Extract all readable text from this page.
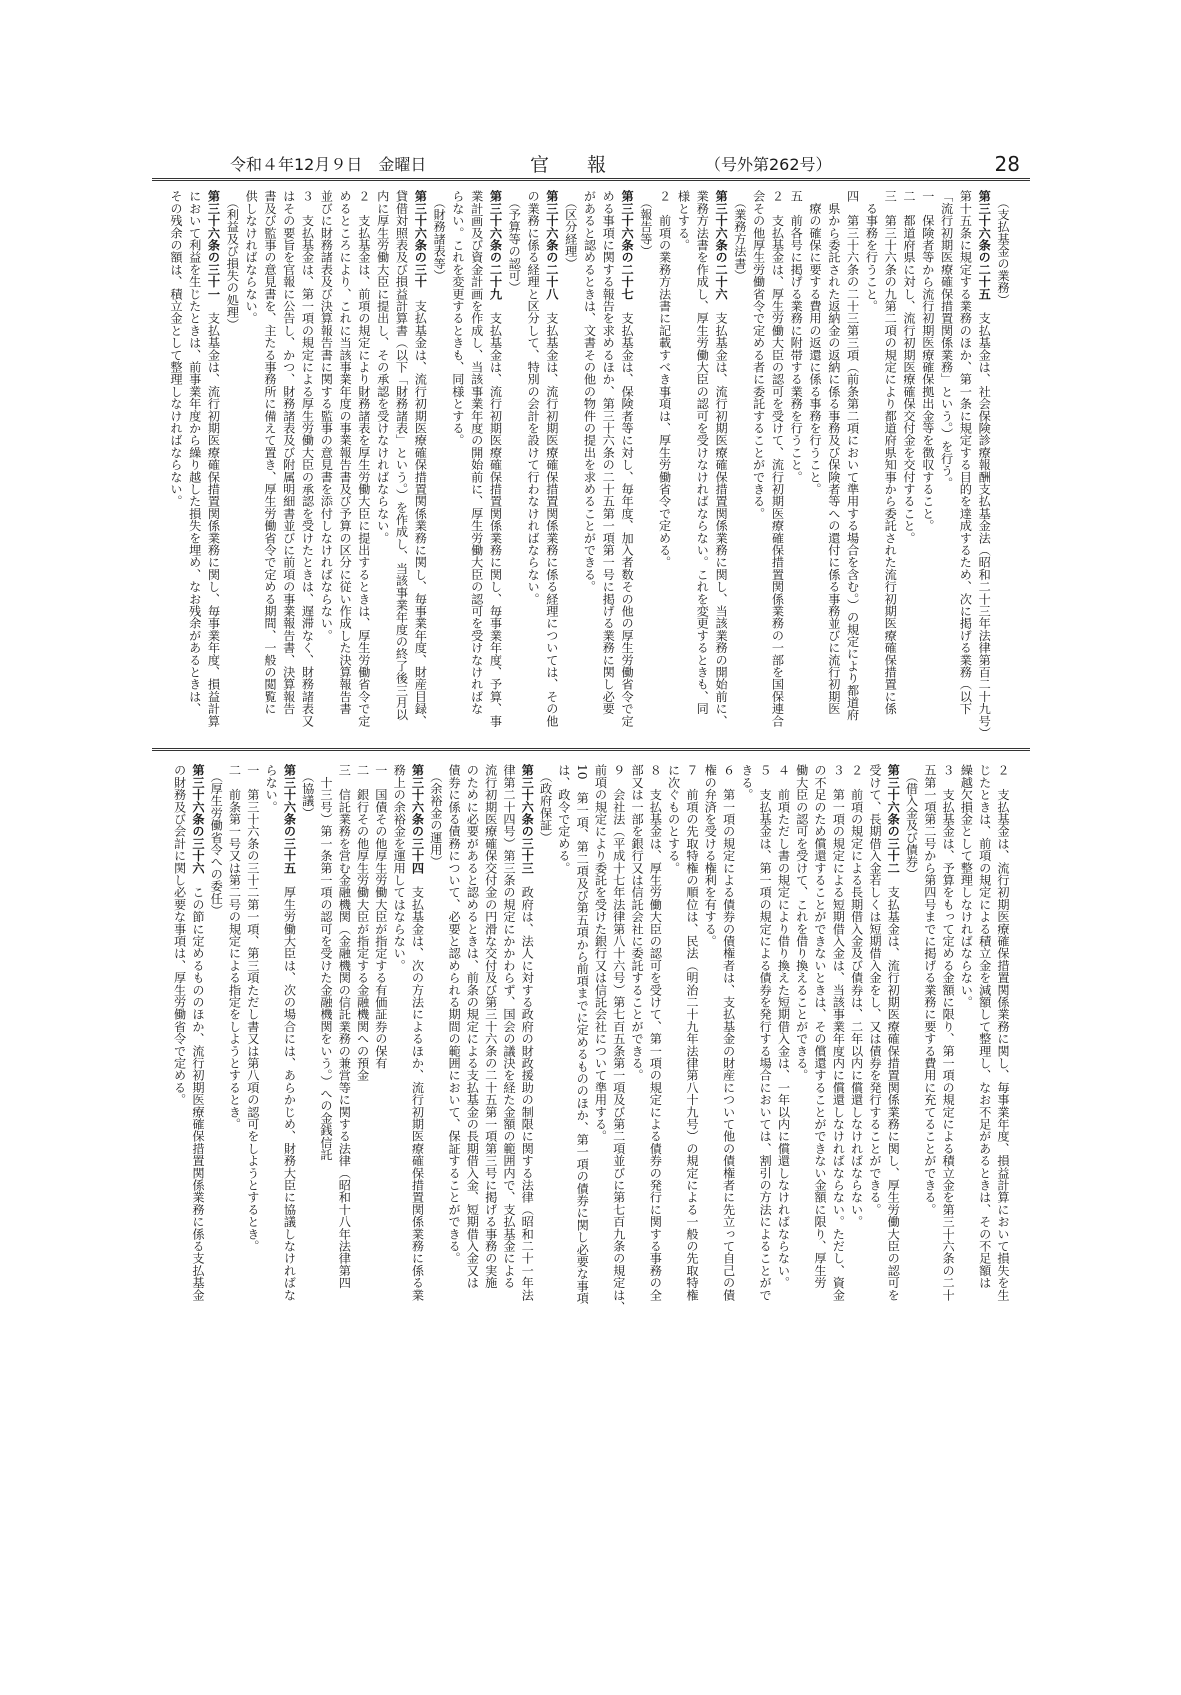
令和４年12月９日　金曜日	官報	（号外第262号）	28
　（支払基金の業務）
第三十六条の二十五　支払基金は、社会保険診療報酬支払基金法（昭和二十三年法律第百二十九号）
第十五条に規定する業務のほか、第一条に規定する目的を達成するため、次に掲げる業務（以下
「流行初期医療確保措置関係業務」という。）を行う。
一　保険者等から流行初期医療確保拠出金等を徴収すること。
二　都道府県に対し、流行初期医療確保交付金を交付すること。
三　第三十六条の九第二項の規定により都道府県知事から委託された流行初期医療確保措置に係
　る事務を行うこと。
四　第三十六条の二十三第三項（前条第二項において準用する場合を含む。）の規定により都道府
　県から委託された返納金の返納に係る事務及び保険者等への還付に係る事務並びに流行初期医
　療の確保に要する費用の返還に係る事務を行うこと。
五　前各号に掲げる業務に附帯する業務を行うこと。
２　支払基金は、厚生労働大臣の認可を受けて、流行初期医療確保措置関係業務の一部を国保連合
会その他厚生労働省令で定める者に委託することができる。
　（業務方法書）
第三十六条の二十六　支払基金は、流行初期医療確保措置関係業務に関し、当該業務の開始前に、
業務方法書を作成し、厚生労働大臣の認可を受けなければならない。これを変更するときも、同
様とする。
２　前項の業務方法書に記載すべき事項は、厚生労働省令で定める。
　（報告等）
第三十六条の二十七　支払基金は、保険者等に対し、毎年度、加入者数その他の厚生労働省令で定
める事項に関する報告を求めるほか、第三十六条の二十五第一項第一号に掲げる業務に関し必要
があると認めるときは、文書その他の物件の提出を求めることができる。
　（区分経理）
第三十六条の二十八　支払基金は、流行初期医療確保措置関係業務に係る経理については、その他
の業務に係る経理と区分して、特別の会計を設けて行わなければならない。
　（予算等の認可）
第三十六条の二十九　支払基金は、流行初期医療確保措置関係業務に関し、毎事業年度、予算、事
業計画及び資金計画を作成し、当該事業年度の開始前に、厚生労働大臣の認可を受けなければな
らない。これを変更するときも、同様とする。
　（財務諸表等）
第三十六条の三十　支払基金は、流行初期医療確保措置関係業務に関し、毎事業年度、財産目録、
貸借対照表及び損益計算書（以下「財務諸表」という。）を作成し、当該事業年度の終了後三月以
内に厚生労働大臣に提出し、その承認を受けなければならない。
２　支払基金は、前項の規定により財務諸表を厚生労働大臣に提出するときは、厚生労働省令で定
めるところにより、これに当該事業年度の事業報告書及び予算の区分に従い作成した決算報告書
並びに財務諸表及び決算報告書に関する監事の意見書を添付しなければならない。
３　支払基金は、第一項の規定による厚生労働大臣の承認を受けたときは、遅滞なく、財務諸表又
はその要旨を官報に公告し、かつ、財務諸表及び附属明細書並びに前項の事業報告書、決算報告
書及び監事の意見書を、主たる事務所に備えて置き、厚生労働省令で定める期間、一般の閲覧に
供しなければならない。
　（利益及び損失の処理）
第三十六条の三十一　支払基金は、流行初期医療確保措置関係業務に関し、毎事業年度、損益計算
において利益を生じたときは、前事業年度から繰り越した損失を埋め、なお残余があるときは、
その残余の額は、積立金として整理しなければならない。
２　支払基金は、流行初期医療確保措置関係業務に関し、毎事業年度、損益計算において損失を生
じたときは、前項の規定による積立金を減額して整理し、なお不足があるときは、その不足額は
繰越欠損金として整理しなければならない。
３　支払基金は、予算をもって定める金額に限り、第一項の規定による積立金を第三十六条の二十
五第一項第二号から第四号までに掲げる業務に要する費用に充てることができる。
　（借入金及び債券）
第三十六条の三十二　支払基金は、流行初期医療確保措置関係業務に関し、厚生労働大臣の認可を
受けて、長期借入金若しくは短期借入金をし、又は債券を発行することができる。
２　前項の規定による長期借入金及び債券は、二年以内に償還しなければならない。
３　第一項の規定による短期借入金は、当該事業年度内に償還しなければならない。ただし、資金
の不足のため償還することができないときは、その償還することができない金額に限り、厚生労
働大臣の認可を受けて、これを借り換えることができる。
４　前項ただし書の規定により借り換えた短期借入金は、一年以内に償還しなければならない。
５　支払基金は、第一項の規定による債券を発行する場合においては、割引の方法によることがで
きる。
６　第一項の規定による債券の債権者は、支払基金の財産について他の債権者に先立って自己の債
権の弁済を受ける権利を有する。
７　前項の先取特権の順位は、民法（明治二十九年法律第八十九号）の規定による一般の先取特権
に次ぐものとする。
８　支払基金は、厚生労働大臣の認可を受けて、第一項の規定による債券の発行に関する事務の全
部又は一部を銀行又は信託会社に委託することができる。
９　会社法（平成十七年法律第八十六号）第七百五条第一項及び第二項並びに第七百九条の規定は、
前項の規定により委託を受けた銀行又は信託会社について準用する。
10　第一項、第二項及び第五項から前項までに定めるもののほか、第一項の債券に関し必要な事項
は、政令で定める。
　（政府保証）
第三十六条の三十三　政府は、法人に対する政府の財政援助の制限に関する法律（昭和二十一年法
律第二十四号）第三条の規定にかかわらず、国会の議決を経た金額の範囲内で、支払基金による
流行初期医療確保交付金の円滑な交付及び第三十六条の二十五第一項第三号に掲げる事務の実施
のために必要があると認めるときは、前条の規定による支払基金の長期借入金、短期借入金又は
債券に係る債務について、必要と認められる期間の範囲において、保証することができる。
　（余裕金の運用）
第三十六条の三十四　支払基金は、次の方法によるほか、流行初期医療確保措置関係業務に係る業
務上の余裕金を運用してはならない。
一　国債その他厚生労働大臣が指定する有価証券の保有
二　銀行その他厚生労働大臣が指定する金融機関への預金
三　信託業務を営む金融機関（金融機関の信託業務の兼営等に関する法律（昭和十八年法律第四
　十三号）第一条第一項の認可を受けた金融機関をいう。）への金銭信託
　（協議）
第三十六条の三十五　厚生労働大臣は、次の場合には、あらかじめ、財務大臣に協議しなければな
らない。
一　第三十六条の三十二第一項、第三項ただし書又は第八項の認可をしようとするとき。
二　前条第一号又は第二号の規定による指定をしようとするとき。
　（厚生労働省令への委任）
第三十六条の三十六　この節に定めるもののほか、流行初期医療確保措置関係業務に係る支払基金
の財務及び会計に関し必要な事項は、厚生労働省令で定める。
